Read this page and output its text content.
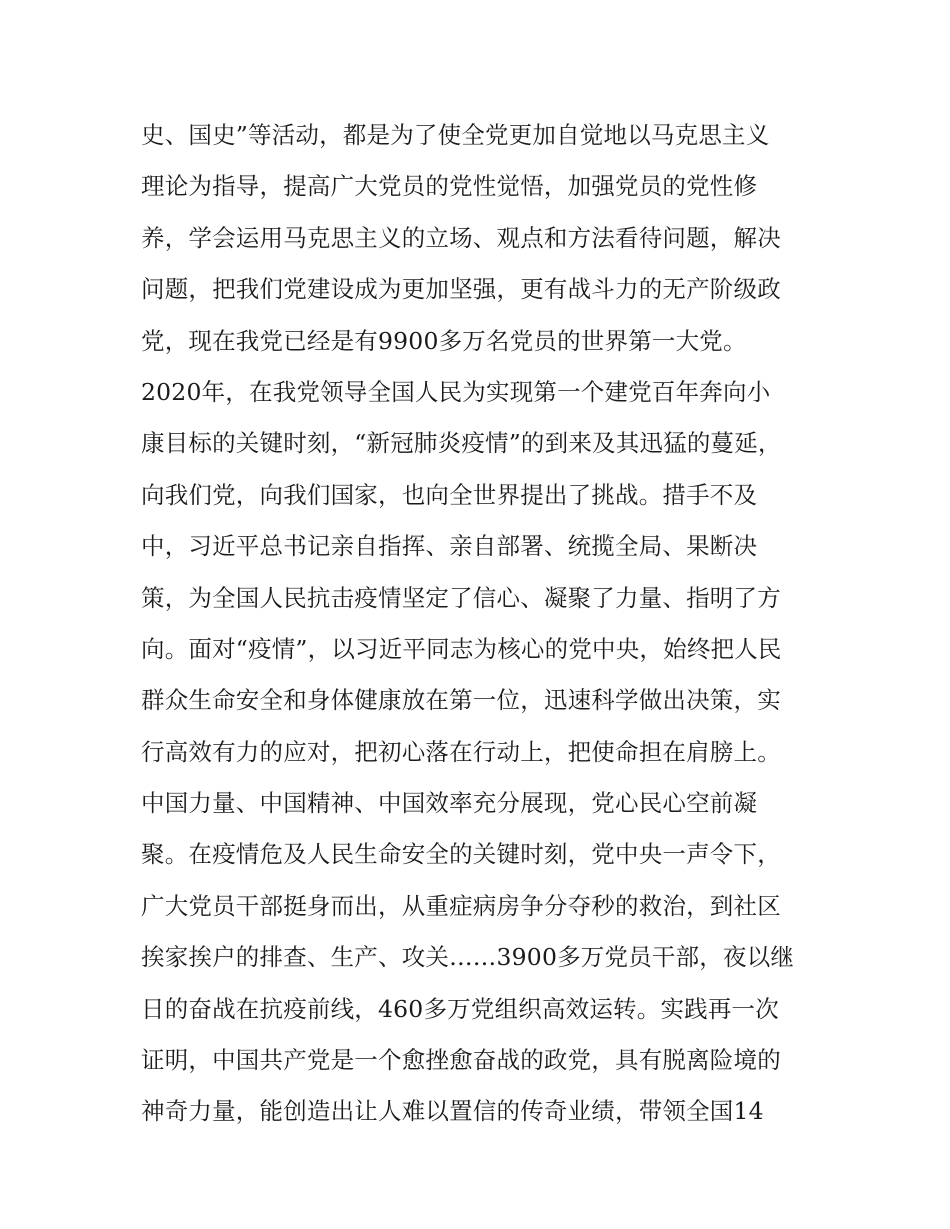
史、国史”等活动，都是为了使全党更加自觉地以马克思主义
理论为指导，提高广大党员的党性觉悟，加强党员的党性修
养，学会运用马克思主义的立场、观点和方法看待问题，解决
问题，把我们党建设成为更加坚强，更有战斗力的无产阶级政
党，现在我党已经是有9900多万名党员的世界第一大党。
2020年，在我党领导全国人民为实现第一个建党百年奔向小
康目标的关键时刻，“新冠肺炎疫情”的到来及其迅猛的蔓延，
向我们党，向我们国家，也向全世界提出了挑战。措手不及
中，习近平总书记亲自指挥、亲自部署、统揽全局、果断决
策，为全国人民抗击疫情坚定了信心、凝聚了力量、指明了方
向。面对“疫情”，以习近平同志为核心的党中央，始终把人民
群众生命安全和身体健康放在第一位，迅速科学做出决策，实
行高效有力的应对，把初心落在行动上，把使命担在肩膀上。
中国力量、中国精神、中国效率充分展现，党心民心空前凝
聚。在疫情危及人民生命安全的关键时刻，党中央一声令下，
广大党员干部挺身而出，从重症病房争分夺秒的救治，到社区
挨家挨户的排查、生产、攻关……3900多万党员干部，夜以继
日的奋战在抗疫前线，460多万党组织高效运转。实践再一次
证明，中国共产党是一个愈挫愈奋战的政党，具有脱离险境的
神奇力量，能创造出让人难以置信的传奇业绩，带领全国14
